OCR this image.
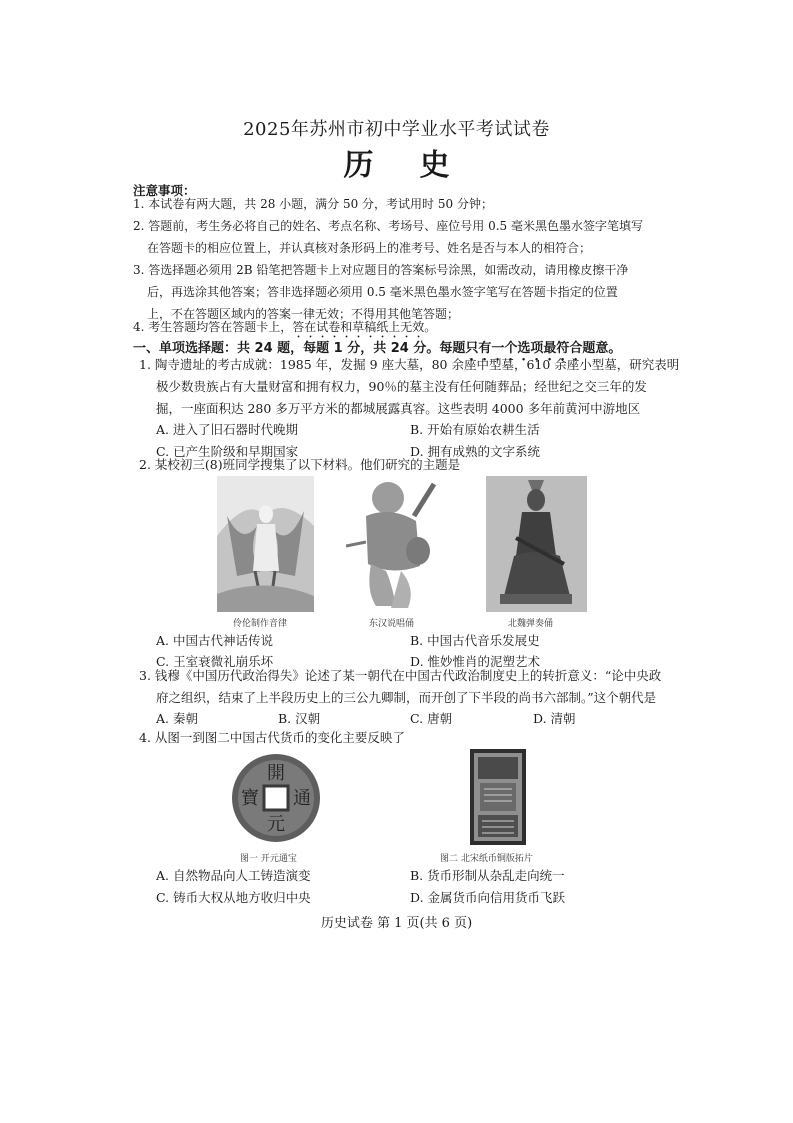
2025年苏州市初中学业水平考试试卷
历史
注意事项：
1. 本试卷有两大题，共 28 小题，满分 50 分，考试用时 50 分钟；
2. 答题前，考生务必将自己的姓名、考点名称、考场号、座位号用 0.5 毫米黑色墨水签字笔填写
在答题卡的相应位置上，并认真核对条形码上的准考号、姓名是否与本人的相符合；
3. 答选择题必须用 2B 铅笔把答题卡上对应题目的答案标号涂黑，如需改动，请用橡皮擦干净
后，再选涂其他答案；答非选择题必须用 0.5 毫米黑色墨水签字笔写在答题卡指定的位置
上，不在答题区域内的答案一律无效；不得用其他笔答题；
4. 考生答题均答在答题卡上，答在试卷和草稿纸上无效。
一、单项选择题：共 24 题，每题 1 分，共 24 分。每题只有一个选项最符合题意。
1. 陶寺遗址的考古成就：1985 年，发掘 9 座大墓，80 余座中型墓，610 余座小型墓，研究表明
极少数贵族占有大量财富和拥有权力，90％的墓主没有任何随葬品；经世纪之交三年的发
掘，一座面积达 280 多万平方米的都城展露真容。这些表明 4000 多年前黄河中游地区
A. 进入了旧石器时代晚期	B. 开始有原始农耕生活
C. 已产生阶级和早期国家	D. 拥有成熟的文字系统
2. 某校初三(8)班同学搜集了以下材料。他们研究的主题是
伶伦制作音律	东汉说唱俑	北魏弹奏俑
A. 中国古代神话传说	B. 中国古代音乐发展史
C. 王室衰微礼崩乐坏	D. 惟妙惟肖的泥塑艺术
3. 钱穆《中国历代政治得失》论述了某一朝代在中国古代政治制度史上的转折意义：“论中央政
府之组织，结束了上半段历史上的三公九卿制，而开创了下半段的尚书六部制。”这个朝代是
A. 秦朝	B. 汉朝	C. 唐朝	D. 清朝
4. 从图一到图二中国古代货币的变化主要反映了
開
通
元
寶
图一 开元通宝	图二 北宋纸币铜版拓片
A. 自然物品向人工铸造演变	B. 货币形制从杂乱走向统一
C. 铸币大权从地方收归中央	D. 金属货币向信用货币飞跃
历史试卷 第 1 页(共 6 页)
